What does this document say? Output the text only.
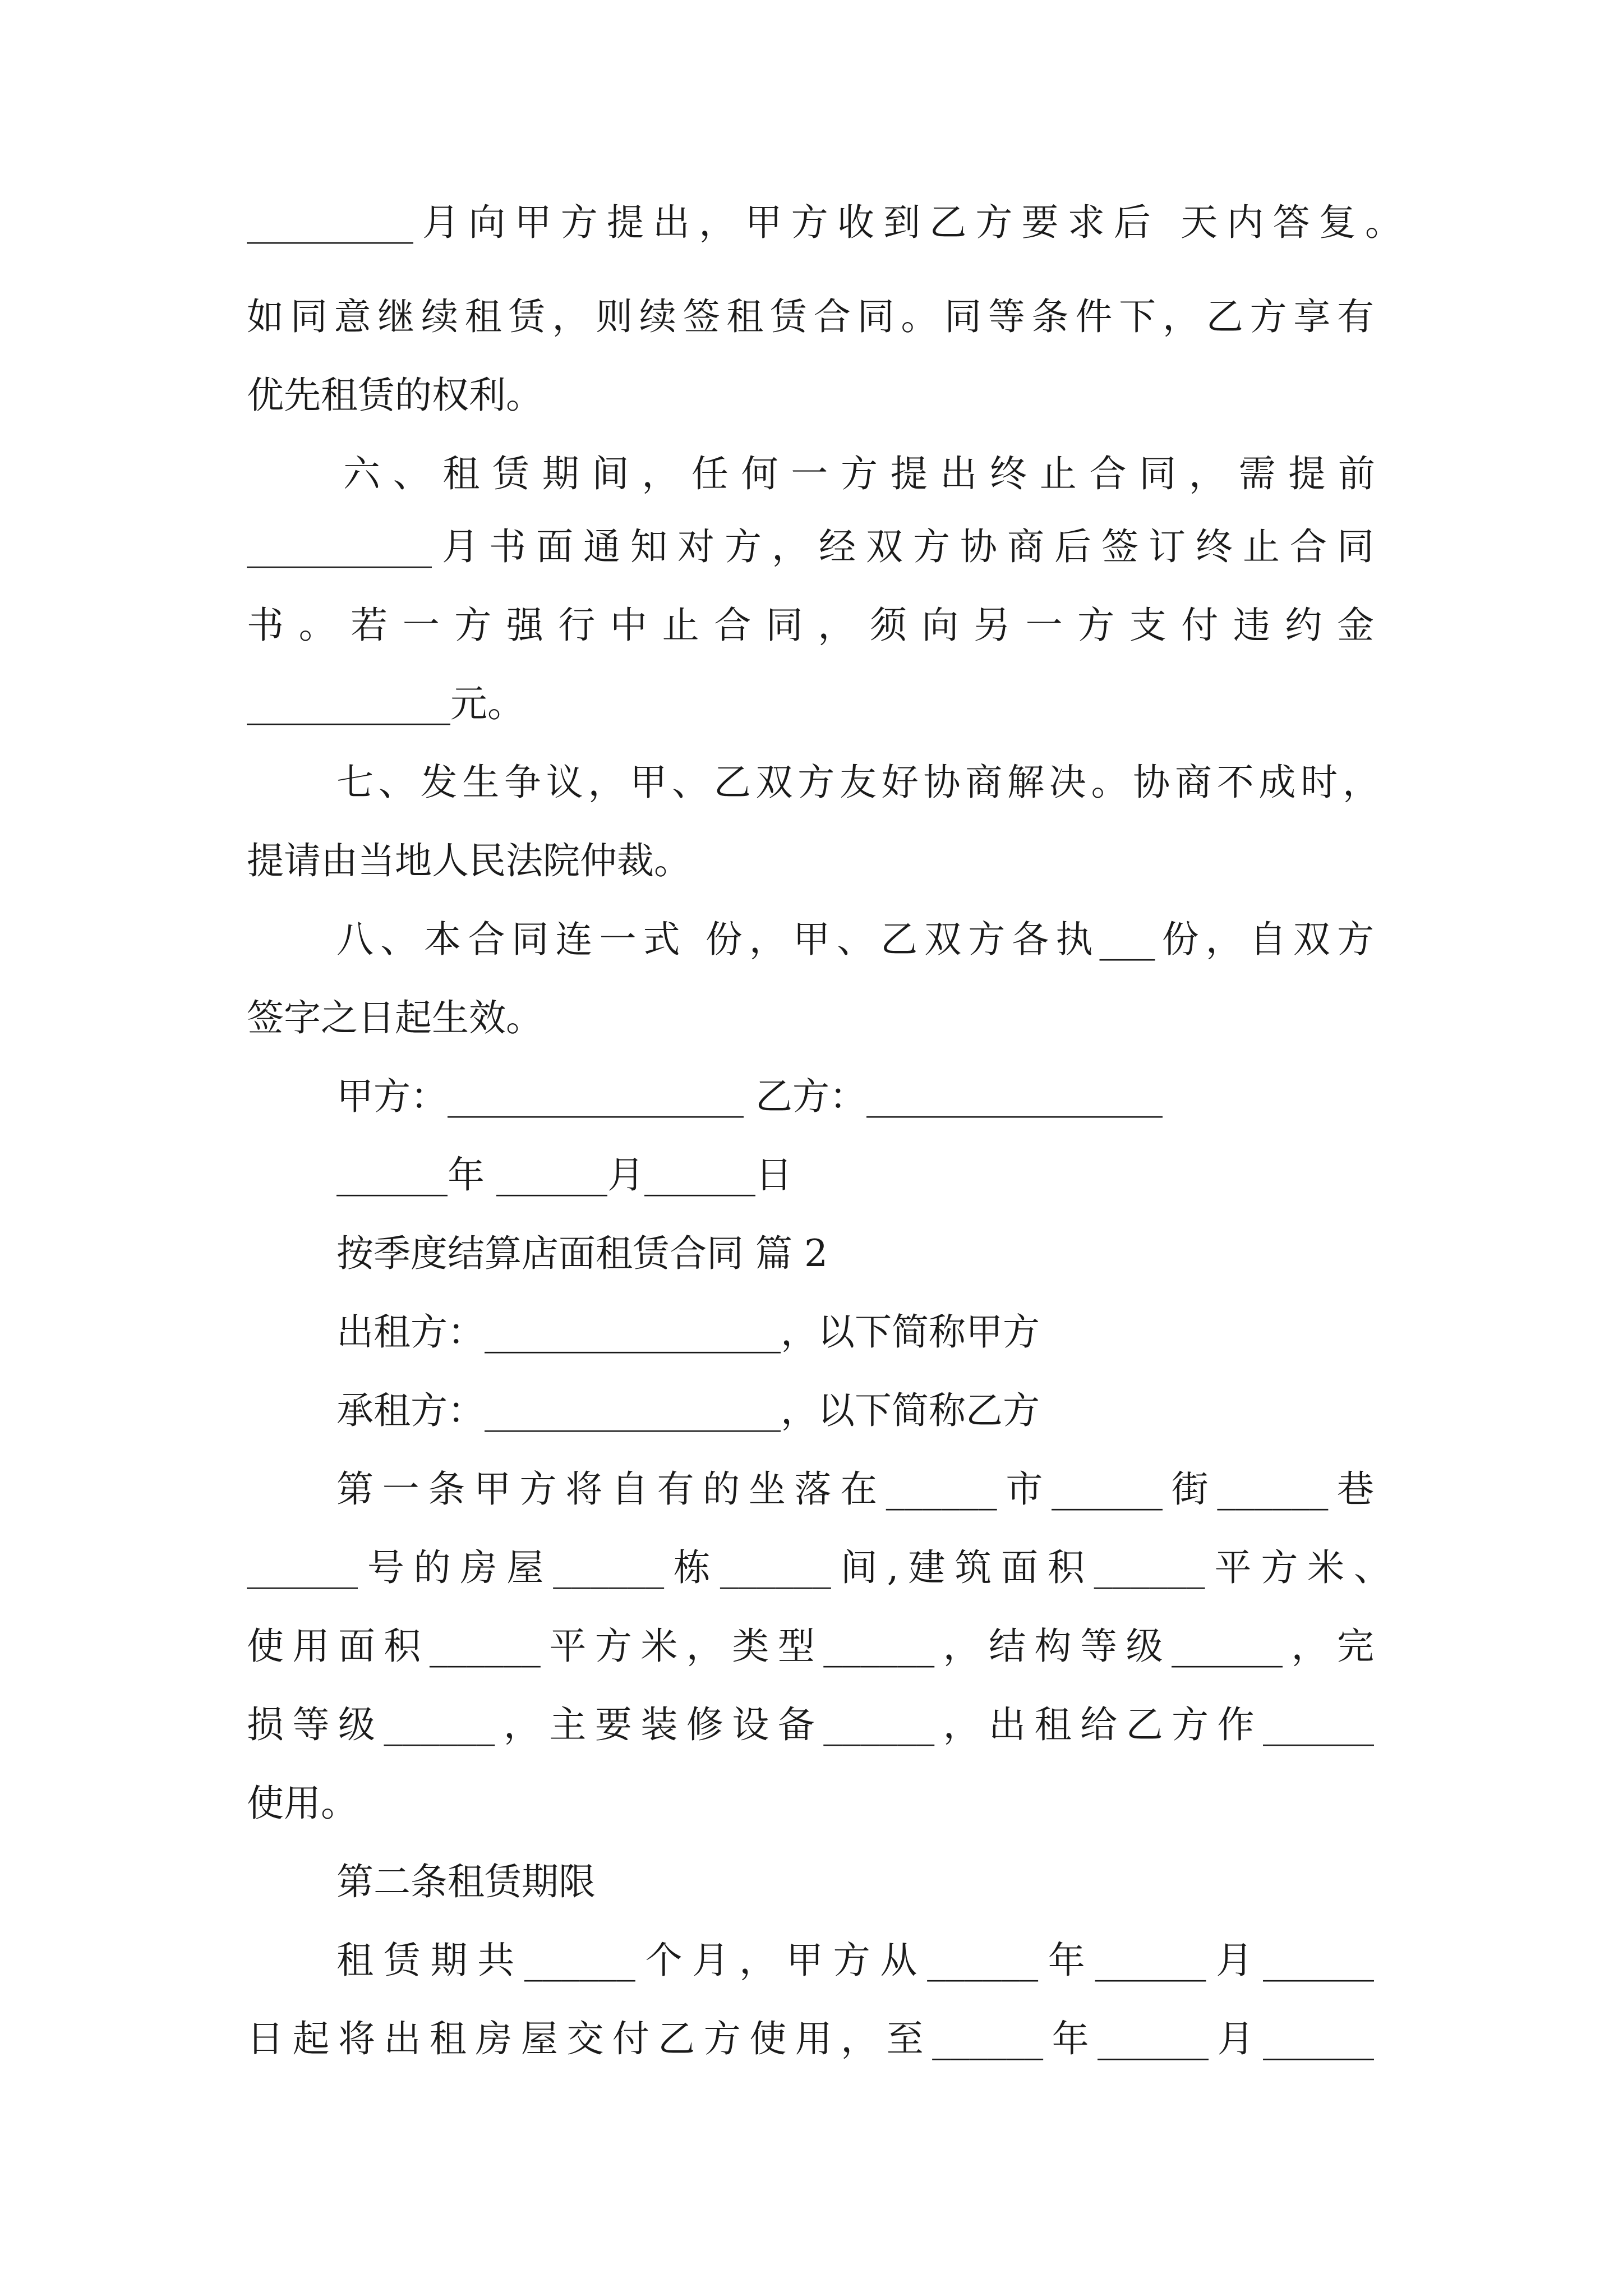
_________月向甲方提出，甲方收到乙方要求后 天内答复。
如同意继续租赁，则续签租赁合同。同等条件下，乙方享有
优先租赁的权利。
六、租赁期间，任何一方提出终止合同，需提前
__________月书面通知对方，经双方协商后签订终止合同
书。若一方强行中止合同，须向另一方支付违约金
___________元。
七、发生争议，甲、乙双方友好协商解决。协商不成时，
提请由当地人民法院仲裁。
八、本合同连一式 份，甲、乙双方各执___份，自双方
签字之日起生效。
甲方：________________ 乙方：________________
______年 ______月______日
按季度结算店面租赁合同 篇 2
出租方：________________，以下简称甲方
承租方：________________，以下简称乙方
第一条甲方将自有的坐落在______市______街______巷
______号的房屋______栋______间,建筑面积______平方米、
使用面积______平方米，类型______，结构等级______，完
损等级______，主要装修设备______，出租给乙方作______
使用。
第二条租赁期限
租赁期共______个月，甲方从______年______月______
日起将出租房屋交付乙方使用，至______年______月______
